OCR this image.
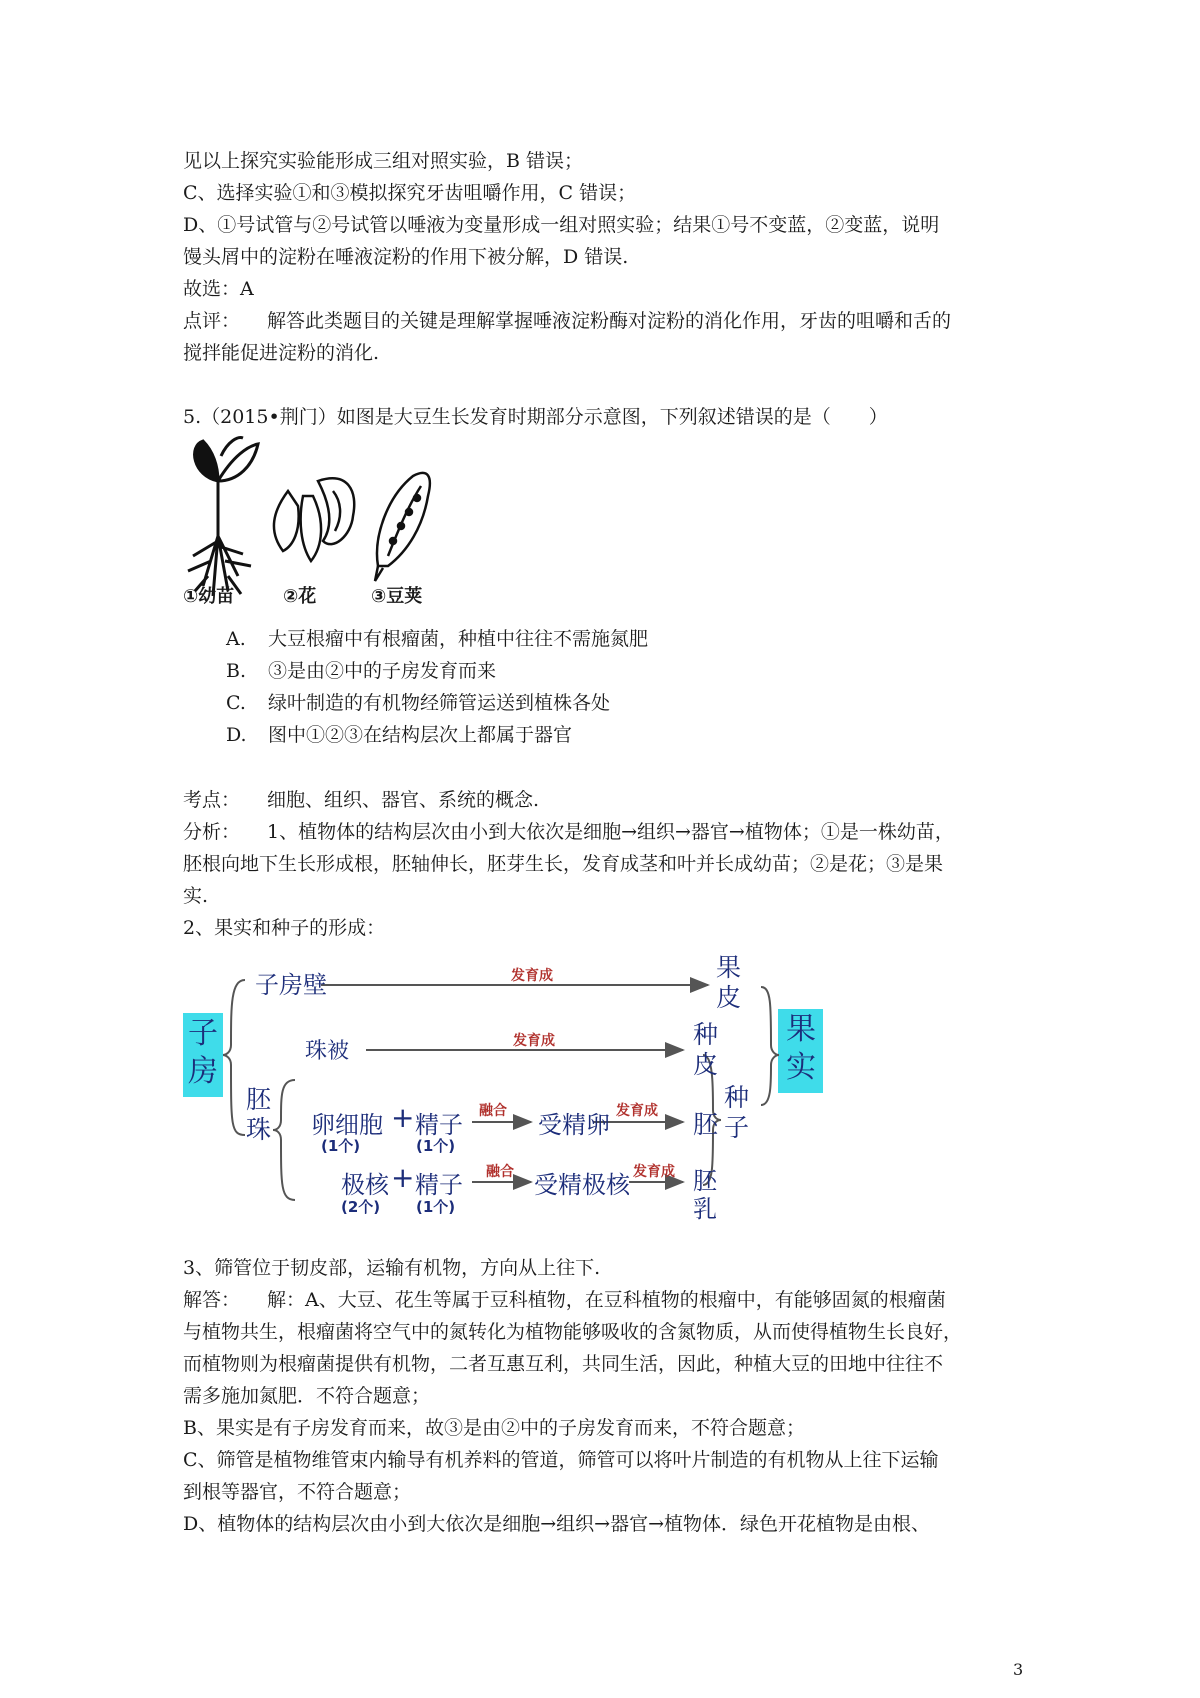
见以上探究实验能形成三组对照实验，B 错误；
C、选择实验①和③模拟探究牙齿咀嚼作用，C 错误；
D、①号试管与②号试管以唾液为变量形成一组对照实验；结果①号不变蓝，②变蓝，说明
馒头屑中的淀粉在唾液淀粉的作用下被分解，D 错误.
故选：A
点评： 解答此类题目的关键是理解掌握唾液淀粉酶对淀粉的消化作用，牙齿的咀嚼和舌的
搅拌能促进淀粉的消化.
5.（2015•荆门）如图是大豆生长发育时期部分示意图，下列叙述错误的是（　　）
①幼苗	②花	③豆荚
A. 大豆根瘤中有根瘤菌，种植中往往不需施氮肥
B. ③是由②中的子房发育而来
C. 绿叶制造的有机物经筛管运送到植株各处
D. 图中①②③在结构层次上都属于器官
考点： 细胞、组织、器官、系统的概念.
分析： 1、植物体的结构层次由小到大依次是细胞→组织→器官→植物体；①是一株幼苗，
胚根向地下生长形成根，胚轴伸长，胚芽生长，发育成茎和叶并长成幼苗；②是花；③是果
实.
2、果实和种子的形成：
子房
子房壁
果皮
果实
珠被
种皮
胚珠
种子
卵细胞 + 精子
(1个)	(1个)
融合 受精卵 发育成 胚
极核 + 精子
(2个) (1个)
融合 受精极核 发育成 胚乳
发育成
发育成
3、筛管位于韧皮部，运输有机物，方向从上往下.
解答： 解：A、大豆、花生等属于豆科植物，在豆科植物的根瘤中，有能够固氮的根瘤菌
与植物共生，根瘤菌将空气中的氮转化为植物能够吸收的含氮物质，从而使得植物生长良好，
而植物则为根瘤菌提供有机物，二者互惠互利，共同生活，因此，种植大豆的田地中往往不
需多施加氮肥．不符合题意；
B、果实是有子房发育而来，故③是由②中的子房发育而来，不符合题意；
C、筛管是植物维管束内输导有机养料的管道，筛管可以将叶片制造的有机物从上往下运输
到根等器官，不符合题意；
D、植物体的结构层次由小到大依次是细胞→组织→器官→植物体．绿色开花植物是由根、
3
